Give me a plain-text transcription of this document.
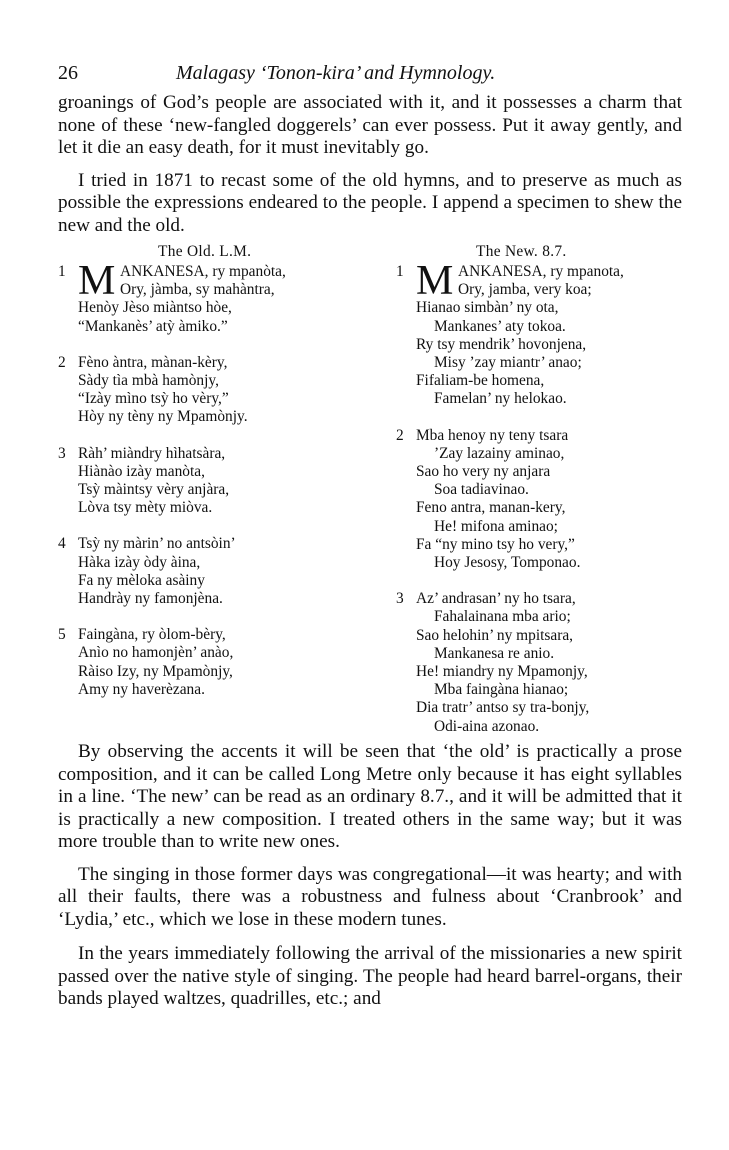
26	Malagasy ‘Tonon-kira’ and Hymnology.

groanings of God’s people are associated with it, and it possesses a charm that none of these ‘new-fangled doggerels’ can ever possess. Put it away gently, and let it die an easy death, for it must inevitably go.

I tried in 1871 to recast some of the old hymns, and to preserve as much as possible the expressions endeared to the people. I append a specimen to shew the new and the old.

The Old. L.M.
1 M ANKANESA, ry mpanòta,
Ory, jàmba, sy mahàntra,
Henòy Jèso miàntso hòe,
“Mankanès’ atỳ àmiko.”
2 Fèno àntra, mànan-kèry,
Sàdy tìa mbà hamònjy,
“Izày mìno tsỳ ho vèry,”
Hòy ny tèny ny Mpamònjy.
3 Ràh’ miàndry hìhatsàra,
Hiànào izày manòta,
Tsỳ màintsy vèry anjàra,
Lòva tsy mèty miòva.
4 Tsỳ ny màrin’ no antsòin’
Hàka izày òdy àina,
Fa ny mèloka asàiny
Handrày ny famonjèna.
5 Faingàna, ry òlom-bèry,
Anìo no hamonjèn’ anào,
Ràiso Izy, ny Mpamònjy,
Amy ny haverèzana.
The New. 8.7.
1 M ANKANESA, ry mpanota,
Ory, jamba, very koa;
Hianao simbàn’ ny ota,
Mankanes’ aty tokoa.
Ry tsy mendrik’ hovonjena,
Misy ’zay miantr’ anao;
Fifaliam-be homena,
Famelan’ ny helokao.
2 Mba henoy ny teny tsara
’Zay lazainy aminao,
Sao ho very ny anjara
Soa tadiavinao.
Feno antra, manan-kery,
He! mifona aminao;
Fa “ny mino tsy ho very,”
Hoy Jesosy, Tomponao.
3 Az’ andrasan’ ny ho tsara,
Fahalainana mba ario;
Sao helohin’ ny mpitsara,
Mankanesa re anio.
He! miandry ny Mpamonjy,
Mba faingàna hianao;
Dia tratr’ antso sy tra-bonjy,
Odi-aina azonao.

By observing the accents it will be seen that ‘the old’ is practically a prose composition, and it can be called Long Metre only because it has eight syllables in a line. ‘The new’ can be read as an ordinary 8.7., and it will be admitted that it is practically a new composition. I treated others in the same way; but it was more trouble than to write new ones.

The singing in those former days was congregational—it was hearty; and with all their faults, there was a robustness and fulness about ‘Cranbrook’ and ‘Lydia,’ etc., which we lose in these modern tunes.

In the years immediately following the arrival of the missionaries a new spirit passed over the native style of singing. The people had heard barrel-organs, their bands played waltzes, quadrilles, etc.; and
